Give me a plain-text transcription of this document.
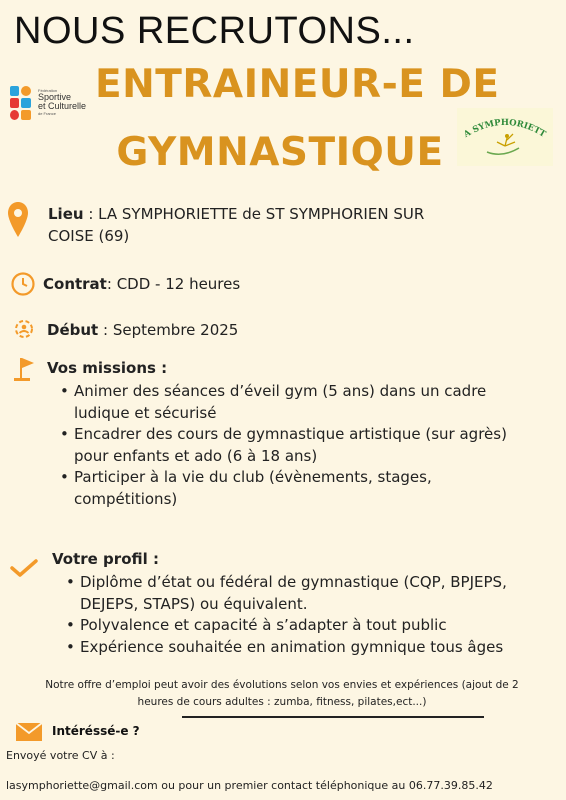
NOUS RECRUTONS...
ENTRAINEUR-E DE
GYMNASTIQUE
Fédération
Sportive
et Culturelle
de France
A SYMPHORIETT
Lieu : LA SYMPHORIETTE de ST SYMPHORIEN SUR
COISE (69)
Contrat: CDD - 12 heures
Début : Septembre 2025
Vos missions :
• Animer des séances d’éveil gym (5 ans) dans un cadre
ludique et sécurisé
• Encadrer des cours de gymnastique artistique (sur agrès)
pour enfants et ado (6 à 18 ans)
• Participer à la vie du club (évènements, stages,
compétitions)
Votre profil :
• Diplôme d’état ou fédéral de gymnastique (CQP, BPJEPS,
DEJEPS, STAPS) ou équivalent.
• Polyvalence et capacité à s’adapter à tout public
• Expérience souhaitée en animation gymnique tous âges
Notre offre d’emploi peut avoir des évolutions selon vos envies et expériences (ajout de 2
heures de cours adultes : zumba, fitness, pilates,ect...)
Intéréssé-e ?
Envoyé votre CV à :
lasymphoriette@gmail.com ou pour un premier contact téléphonique au 06.77.39.85.42
